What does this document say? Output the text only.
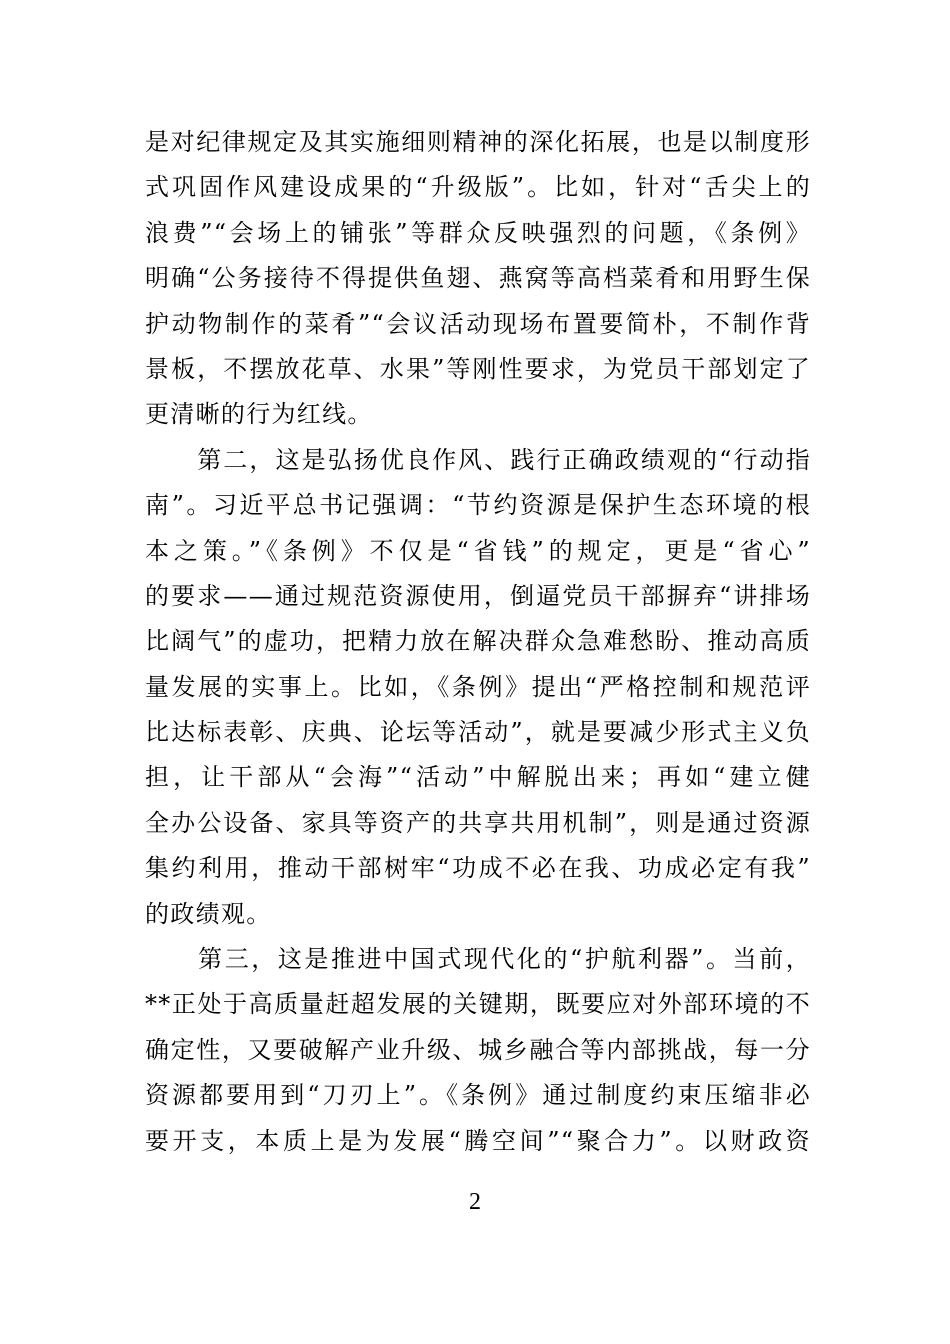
是对纪律规定及其实施细则精神的深化拓展，也是以制度形
式巩固作风建设成果的“升级版”。比如，针对“舌尖上的
浪费”“会场上的铺张”等群众反映强烈的问题，《条例》
明确“公务接待不得提供鱼翅、燕窝等高档菜肴和用野生保
护动物制作的菜肴”“会议活动现场布置要简朴，不制作背
景板，不摆放花草、水果”等刚性要求，为党员干部划定了
更清晰的行为红线。
　　第二，这是弘扬优良作风、践行正确政绩观的“行动指
南”。习近平总书记强调：“节约资源是保护生态环境的根
本之策。”《条例》不仅是“省钱”的规定，更是“省心”
的要求——通过规范资源使用，倒逼党员干部摒弃“讲排场
比阔气”的虚功，把精力放在解决群众急难愁盼、推动高质
量发展的实事上。比如，《条例》提出“严格控制和规范评
比达标表彰、庆典、论坛等活动”，就是要减少形式主义负
担，让干部从“会海”“活动”中解脱出来；再如“建立健
全办公设备、家具等资产的共享共用机制”，则是通过资源
集约利用，推动干部树牢“功成不必在我、功成必定有我”
的政绩观。
　　第三，这是推进中国式现代化的“护航利器”。当前，
**正处于高质量赶超发展的关键期，既要应对外部环境的不
确定性，又要破解产业升级、城乡融合等内部挑战，每一分
资源都要用到“刀刃上”。《条例》通过制度约束压缩非必
要开支，本质上是为发展“腾空间”“聚合力”。以财政资
2
